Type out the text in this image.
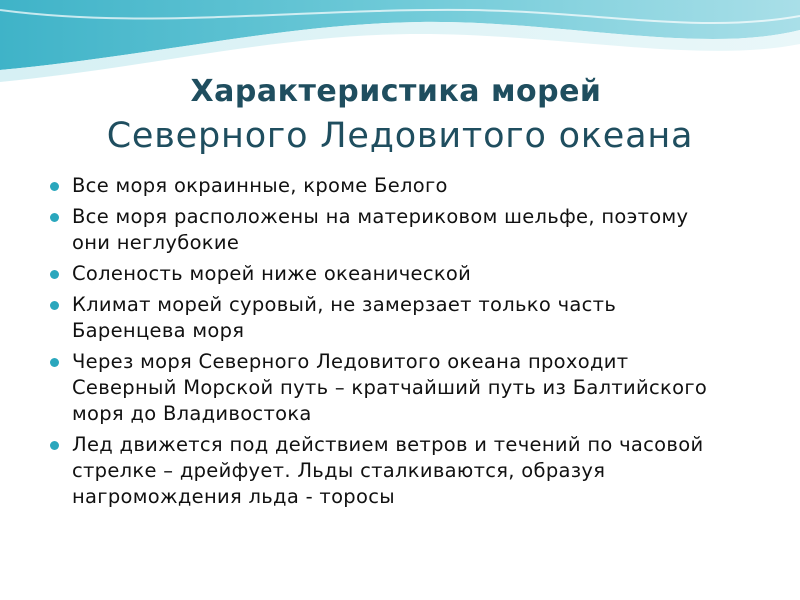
Характеристика морей
Северного Ледовитого океана
Все моря окраинные, кроме Белого
Все моря расположены на материковом шельфе, поэтому они неглубокие
Соленость морей ниже океанической
Климат морей суровый, не замерзает только часть Баренцева моря
Через моря Северного Ледовитого океана проходит Северный Морской путь – кратчайший путь из Балтийского моря до Владивостока
Лед движется под действием ветров и течений по часовой стрелке – дрейфует. Льды сталкиваются, образуя нагромождения льда - торосы
